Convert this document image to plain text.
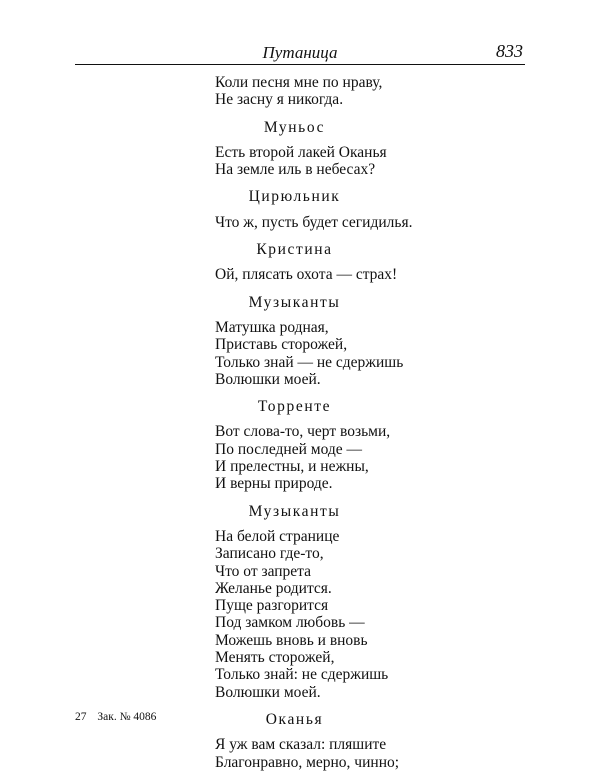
Путаница	833
Коли песня мне по нраву,
Не засну я никогда.
Муньос
Есть второй лакей Оканья
На земле иль в небесах?
Цирюльник
Что ж, пусть будет сегидилья.
Кристина
Ой, плясать охота — страх!
Музыканты
Матушка родная,
Приставь сторожей,
Только знай — не сдержишь
Волюшки моей.
Торренте
Вот слова-то, черт возьми,
По последней моде —
И прелестны, и нежны,
И верны природе.
Музыканты
На белой странице
Записано где-то,
Что от запрета
Желанье родится.
Пуще разгорится
Под замком любовь —
Можешь вновь и вновь
Менять сторожей,
Только знай: не сдержишь
Волюшки моей.
Оканья
Я уж вам сказал: пляшите
Благонравно, мерно, чинно;
27 Зак. № 4086
